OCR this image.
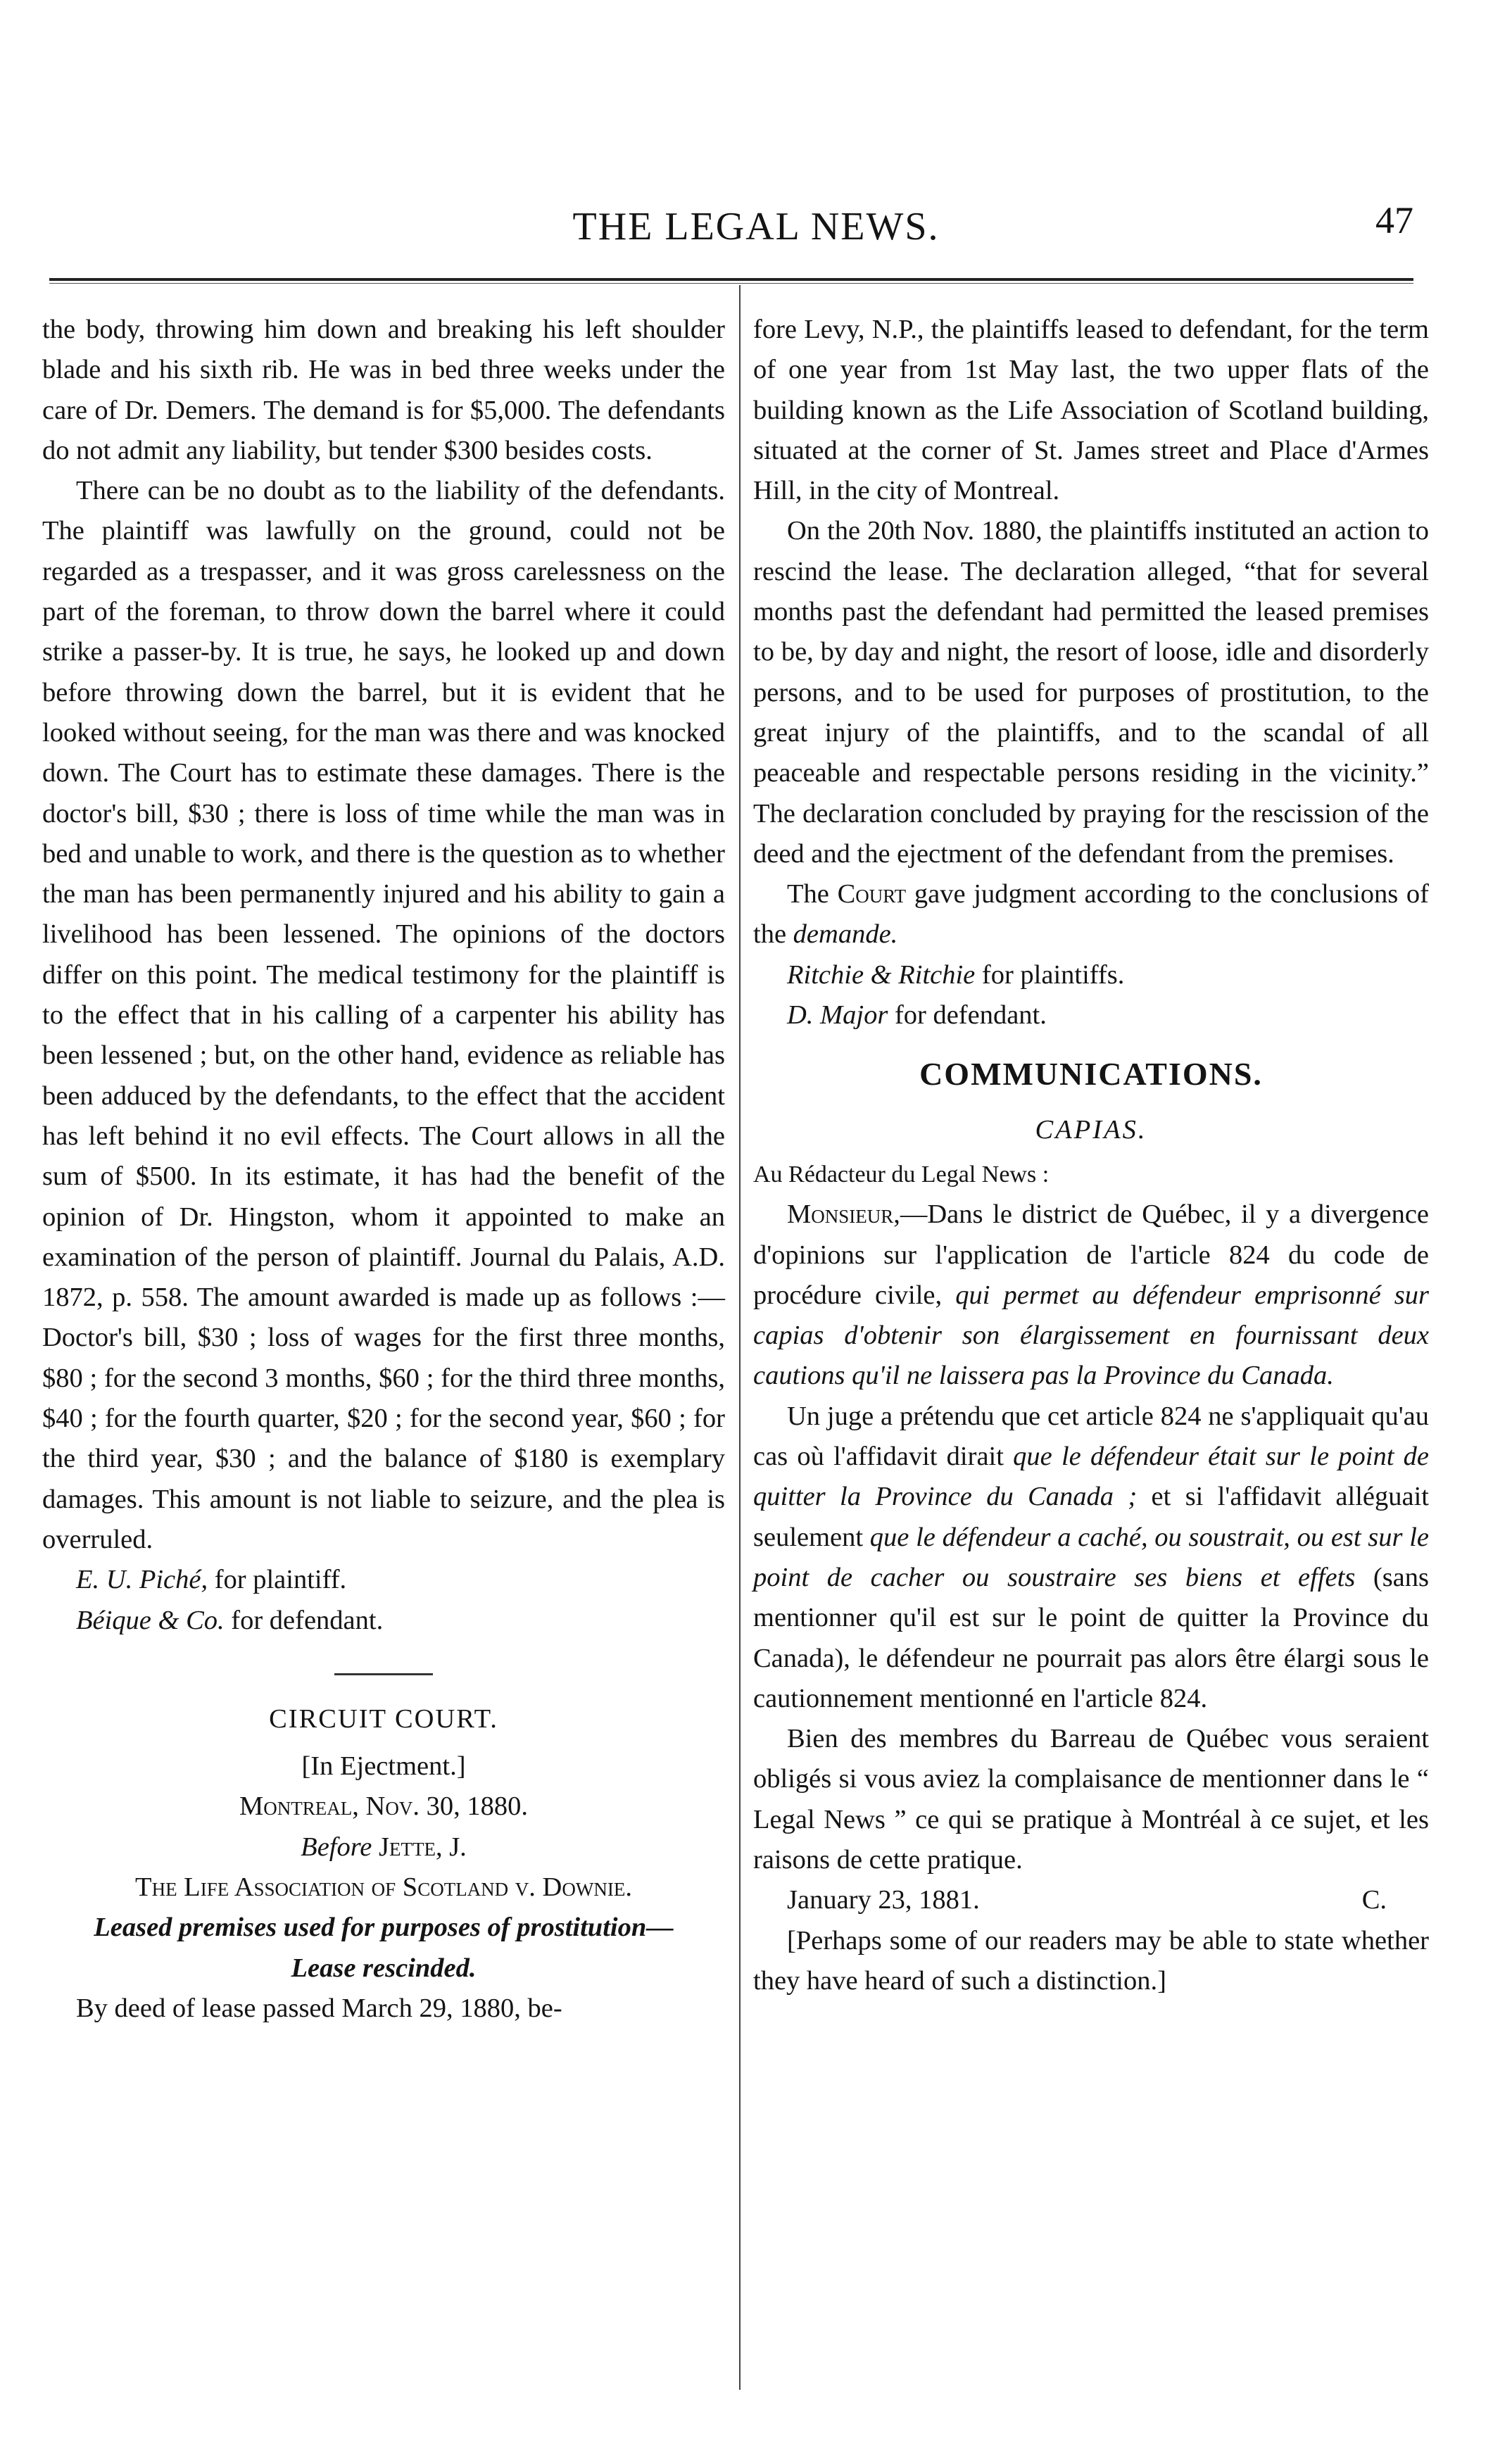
THE LEGAL NEWS.	47

the body, throwing him down and breaking his left shoulder blade and his sixth rib. He was in bed three weeks under the care of Dr. Demers. The demand is for $5,000. The defendants do not admit any liability, but tender $300 besides costs.

There can be no doubt as to the liability of the defendants. The plaintiff was lawfully on the ground, could not be regarded as a trespasser, and it was gross carelessness on the part of the foreman, to throw down the barrel where it could strike a passer-by. It is true, he says, he looked up and down before throwing down the barrel, but it is evident that he looked without seeing, for the man was there and was knocked down. The Court has to estimate these damages. There is the doctor's bill, $30 ; there is loss of time while the man was in bed and unable to work, and there is the question as to whether the man has been permanently injured and his ability to gain a livelihood has been lessened. The opinions of the doctors differ on this point. The medical testimony for the plaintiff is to the effect that in his calling of a carpenter his ability has been lessened ; but, on the other hand, evidence as reliable has been adduced by the defendants, to the effect that the accident has left behind it no evil effects. The Court allows in all the sum of $500. In its estimate, it has had the benefit of the opinion of Dr. Hingston, whom it appointed to make an examination of the person of plaintiff. Journal du Palais, A.D. 1872, p. 558. The amount awarded is made up as follows :—Doctor's bill, $30 ; loss of wages for the first three months, $80 ; for the second 3 months, $60 ; for the third three months, $40 ; for the fourth quarter, $20 ; for the second year, $60 ; for the third year, $30 ; and the balance of $180 is exemplary damages. This amount is not liable to seizure, and the plea is overruled.

E. U. Piché, for plaintiff.

Béique & Co. for defendant.

CIRCUIT COURT.

[In Ejectment.]

Montreal, Nov. 30, 1880.

Before Jette, J.

The Life Association of Scotland v. Downie.

Leased premises used for purposes of prostitution—

Lease rescinded.

By deed of lease passed March 29, 1880, be-

fore Levy, N.P., the plaintiffs leased to defendant, for the term of one year from 1st May last, the two upper flats of the building known as the Life Association of Scotland building, situated at the corner of St. James street and Place d'Armes Hill, in the city of Montreal.

On the 20th Nov. 1880, the plaintiffs instituted an action to rescind the lease. The declaration alleged, “that for several months past the defendant had permitted the leased premises to be, by day and night, the resort of loose, idle and disorderly persons, and to be used for purposes of prostitution, to the great injury of the plaintiffs, and to the scandal of all peaceable and respectable persons residing in the vicinity.” The declaration concluded by praying for the rescission of the deed and the ejectment of the defendant from the premises.

The Court gave judgment according to the conclusions of the demande.

Ritchie & Ritchie for plaintiffs.

D. Major for defendant.

COMMUNICATIONS.

CAPIAS.

Au Rédacteur du Legal News :

Monsieur,—Dans le district de Québec, il y a divergence d'opinions sur l'application de l'article 824 du code de procédure civile, qui permet au défendeur emprisonné sur capias d'obtenir son élargissement en fournissant deux cautions qu'il ne laissera pas la Province du Canada.

Un juge a prétendu que cet article 824 ne s'appliquait qu'au cas où l'affidavit dirait que le défendeur était sur le point de quitter la Province du Canada ; et si l'affidavit alléguait seulement que le défendeur a caché, ou soustrait, ou est sur le point de cacher ou soustraire ses biens et effets (sans mentionner qu'il est sur le point de quitter la Province du Canada), le défendeur ne pourrait pas alors être élargi sous le cautionnement mentionné en l'article 824.

Bien des membres du Barreau de Québec vous seraient obligés si vous aviez la complaisance de mentionner dans le “ Legal News ” ce qui se pratique à Montréal à ce sujet, et les raisons de cette pratique.

January 23, 1881.	C.

[Perhaps some of our readers may be able to state whether they have heard of such a distinction.]
